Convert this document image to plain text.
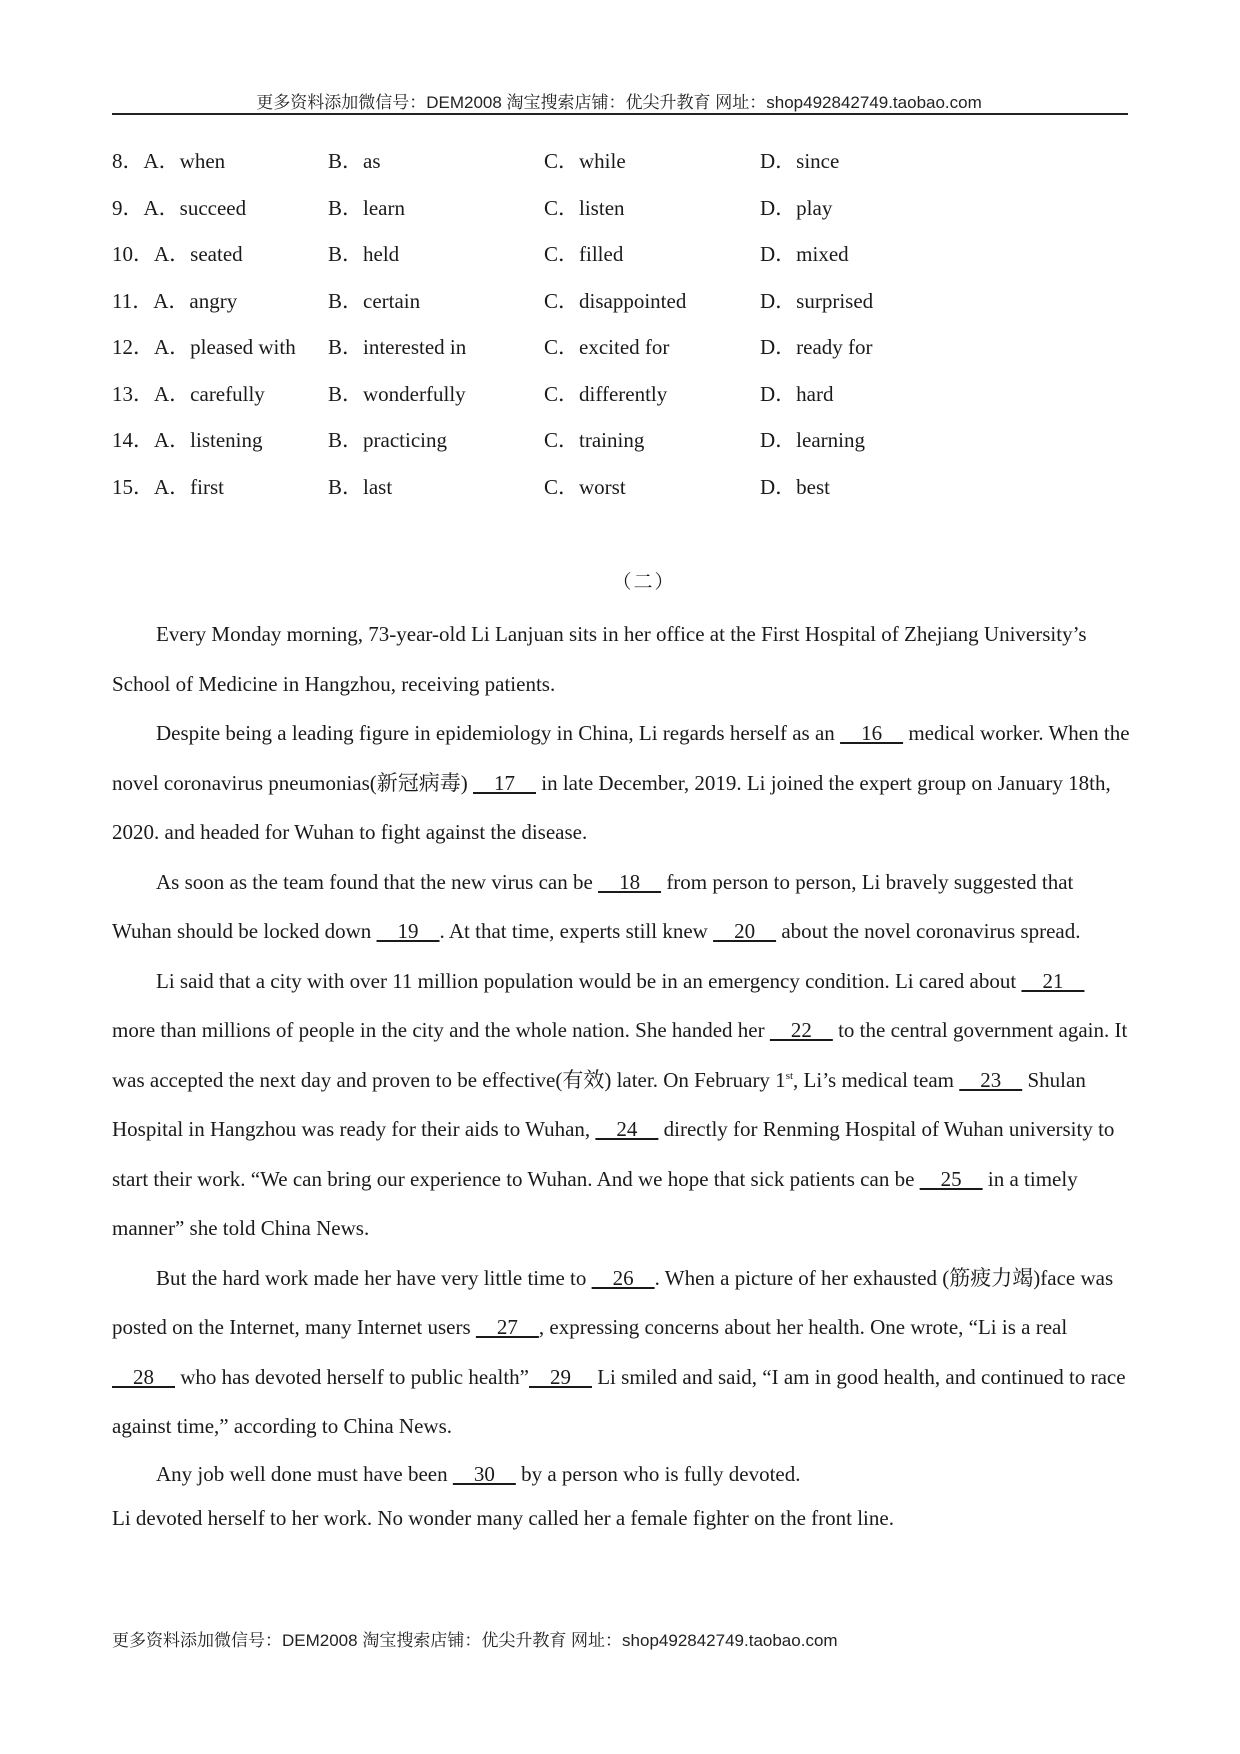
更多资料添加微信号：DEM2008 淘宝搜索店铺：优尖升教育 网址：shop492842749.taobao.com
8．A．when	B．as	C．while	D．since
9．A．succeed	B．learn	C．listen	D．play
10．A．seated	B．held	C．filled	D．mixed
11．A．angry	B．certain	C．disappointed	D．surprised
12．A．pleased with	B．interested in	C．excited for	D．ready for
13．A．carefully	B．wonderfully	C．differently	D．hard
14．A．listening	B．practicing	C．training	D．learning
15．A．first	B．last	C．worst	D．best
（二）

Every Monday morning, 73-year-old Li Lanjuan sits in her office at the First Hospital of Zhejiang University’s School of Medicine in Hangzhou, receiving patients.

Despite being a leading figure in epidemiology in China, Li regards herself as an     16     medical worker. When the novel coronavirus pneumonias(新冠病毒)     17     in late December, 2019. Li joined the expert group on January 18th, 2020. and headed for Wuhan to fight against the disease.

As soon as the team found that the new virus can be     18     from person to person, Li bravely suggested that Wuhan should be locked down     19    . At that time, experts still knew     20     about the novel coronavirus spread.

Li said that a city with over 11 million population would be in an emergency condition. Li cared about     21     more than millions of people in the city and the whole nation. She handed her     22     to the central government again. It was accepted the next day and proven to be effective(有效) later. On February 1st, Li’s medical team     23     Shulan Hospital in Hangzhou was ready for their aids to Wuhan,     24     directly for Renming Hospital of Wuhan university to start their work. “We can bring our experience to Wuhan. And we hope that sick patients can be     25     in a timely manner” she told China News.

But the hard work made her have very little time to     26    . When a picture of her exhausted (筋疲力竭)face was posted on the Internet, many Internet users     27    , expressing concerns about her health. One wrote, “Li is a real     28     who has devoted herself to public health”    29     Li smiled and said, “I am in good health, and continued to race against time,” according to China News.

Any job well done must have been     30     by a person who is fully devoted.

Li devoted herself to her work. No wonder many called her a female fighter on the front line.

更多资料添加微信号：DEM2008 淘宝搜索店铺：优尖升教育 网址：shop492842749.taobao.com
